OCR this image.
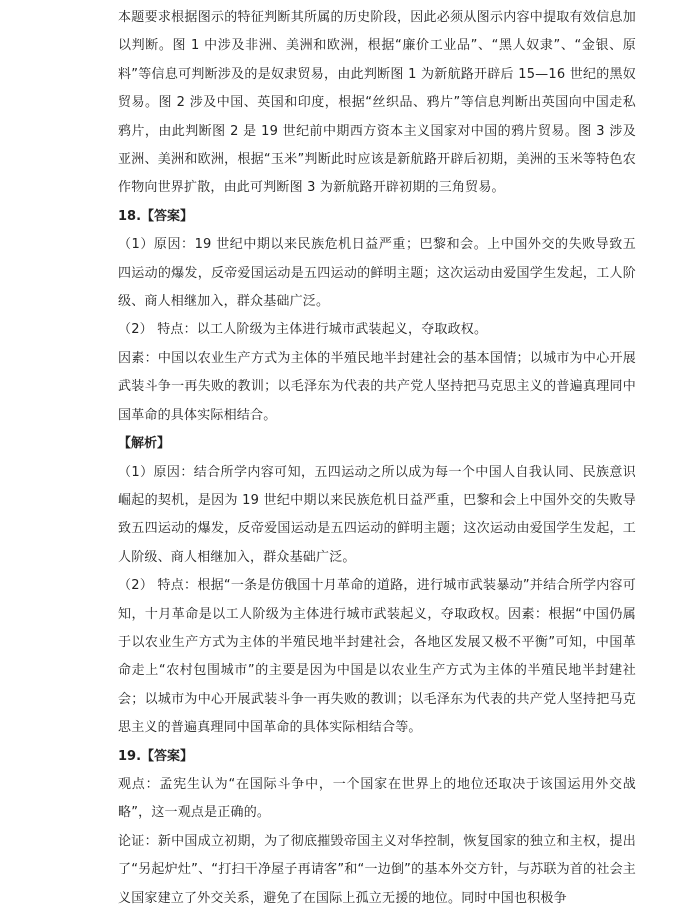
本题要求根据图示的特征判断其所属的历史阶段，因此必须从图示内容中提取有效信息加以判断。图 1 中涉及非洲、美洲和欧洲，根据“廉价工业品”、“黑人奴隶”、“金银、原料”等信息可判断涉及的是奴隶贸易，由此判断图 1 为新航路开辟后 15—16 世纪的黑奴贸易。图 2 涉及中国、英国和印度，根据“丝织品、鸦片”等信息判断出英国向中国走私鸦片，由此判断图 2 是 19 世纪前中期西方资本主义国家对中国的鸦片贸易。图 3 涉及亚洲、美洲和欧洲，根据“玉米”判断此时应该是新航路开辟后初期，美洲的玉米等特色农作物向世界扩散，由此可判断图 3 为新航路开辟初期的三角贸易。

18.【答案】

（1）原因：19 世纪中期以来民族危机日益严重；巴黎和会。上中国外交的失败导致五四运动的爆发，反帝爱国运动是五四运动的鲜明主题；这次运动由爱国学生发起，工人阶级、商人相继加入，群众基础广泛。

（2） 特点：以工人阶级为主体进行城市武装起义，夺取政权。

因素：中国以农业生产方式为主体的半殖民地半封建社会的基本国情；以城市为中心开展武装斗争一再失败的教训；以毛泽东为代表的共产党人坚持把马克思主义的普遍真理同中国革命的具体实际相结合。

【解析】

（1）原因：结合所学内容可知，五四运动之所以成为每一个中国人自我认同、民族意识崛起的契机，是因为 19 世纪中期以来民族危机日益严重，巴黎和会上中国外交的失败导致五四运动的爆发，反帝爱国运动是五四运动的鲜明主题；这次运动由爱国学生发起，工人阶级、商人相继加入，群众基础广泛。

（2） 特点：根据“一条是仿俄国十月革命的道路，进行城市武装暴动”并结合所学内容可知，十月革命是以工人阶级为主体进行城市武装起义，夺取政权。因素：根据“中国仍属于以农业生产方式为主体的半殖民地半封建社会，各地区发展又极不平衡”可知，中国革命走上“农村包围城市”的主要是因为中国是以农业生产方式为主体的半殖民地半封建社会；以城市为中心开展武装斗争一再失败的教训；以毛泽东为代表的共产党人坚持把马克思主义的普遍真理同中国革命的具体实际相结合等。

19.【答案】

观点：孟宪生认为“在国际斗争中，一个国家在世界上的地位还取决于该国运用外交战略”，这一观点是正确的。

论证：新中国成立初期，为了彻底摧毁帝国主义对华控制，恢复国家的独立和主权，提出了“另起炉灶”、“打扫干净屋子再请客”和“一边倒”的基本外交方针，与苏联为首的社会主义国家建立了外交关系，避免了在国际上孤立无援的地位。同时中国也积极争
